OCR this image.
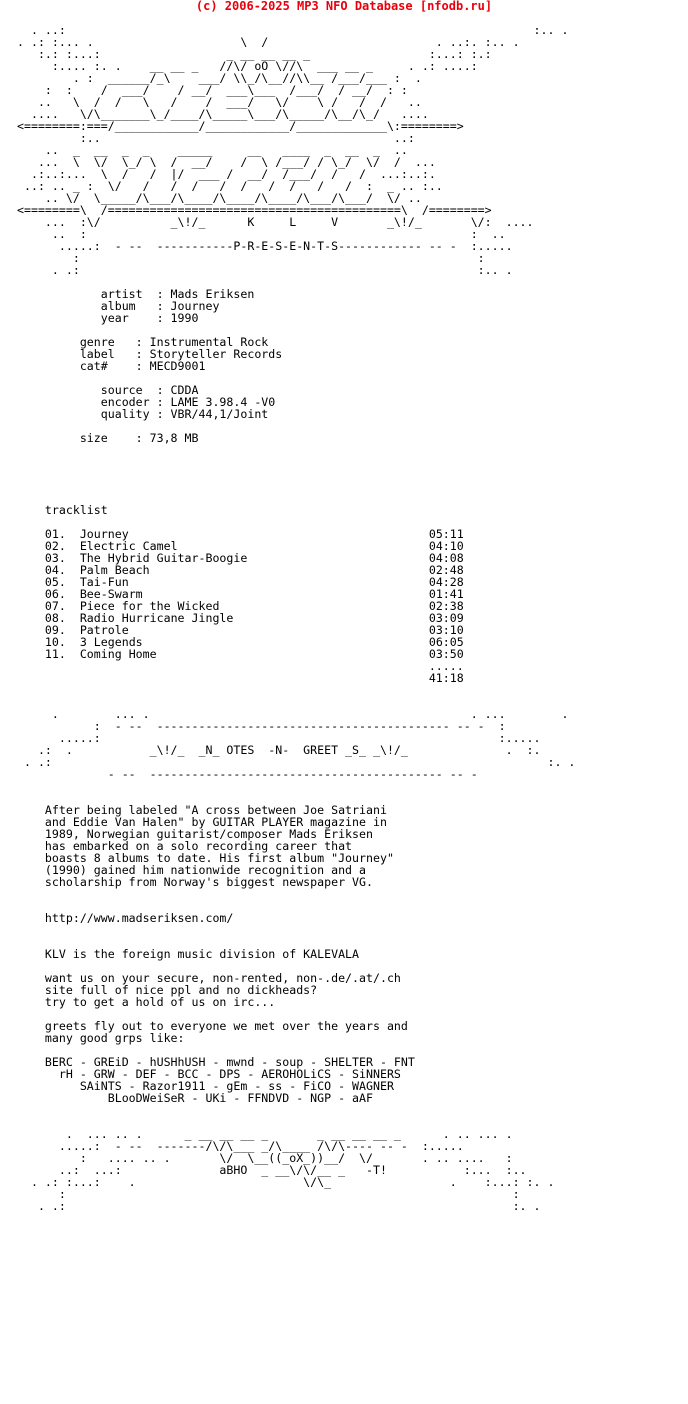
(c) 2006-2025 MP3 NFO Database [nfodb.ru]
. ..:                                                                   :.. .
. .: :... .                     \  /                        . ..:. :.. .
:.: :...:                  _ __ __ __ _                 :...: :.:
:.... :. .    __ __ _   //\/ oO \//\  ___ __ _     . .: ....:
. :  ______/_\    ___/ \\_/\__//\\__ /___/___ :  .
:  :    /  ___/    / __/  ___\___  /___/  / __/  : :
..   \  /  /   \   /    /  ___/   \/    \ /   /  /   ..
....   \/\_______\_/____/\_____\___/\_____/\__/\_/   ....
<========:===/____________/____________/_____________\:========>
:..                                          ..:
..  _  __  _  _    _____     __   ____  _  __  _  ..
...  \  \/  \_/ \  /  __/    /  \ /___/ / \_/  \/  /  ...
.:..:...  \  /   /  |/  ___ /  __/  /___/  /   /  ...:..:.
..: .. _ :  \/   /   /  /   /  /   /  /   /   /  :  _ .. :..
.. \/  \_____/\___/\____/\____/\____/\___/\___/  \/ ..
<========\  /==========================================\  /========>
...  :\/          _\!/_      K     L     V       _\!/_       \/:  ....
..  :                                                       :  ..
.....:  - --  -----------P-R-E-S-E-N-T-S------------ -- -  :.....
:                                                         :
. .:                                                         :.. .

artist  : Mads Eriksen
album   : Journey
year    : 1990

genre   : Instrumental Rock
label   : Storyteller Records
cat#    : MECD9001

source  : CDDA
encoder : LAME 3.98.4 -V0
quality : VBR/44,1/Joint

size    : 73,8 MB

tracklist

01.  Journey                                           05:11
02.  Electric Camel                                    04:10
03.  The Hybrid Guitar-Boogie                          04:08
04.  Palm Beach                                        02:48
05.  Tai-Fun                                           04:28
06.  Bee-Swarm                                         01:41
07.  Piece for the Wicked                              02:38
08.  Radio Hurricane Jingle                            03:09
09.  Patrole                                           03:10
10.  3 Legends                                         06:05
11.  Coming Home                                       03:50
.....
41:18

.        ... .                                              . ...        .
:  - --  ------------------------------------------ -- -  :
.....:                                                         :.....
.:  .           _\!/_  _N_ OTES  -N-  GREET _S_ _\!/_              .  :.
. .:                                                                       :. .
- --  ------------------------------------------ -- -

After being labeled "A cross between Joe Satriani
and Eddie Van Halen" by GUITAR PLAYER magazine in
1989, Norwegian guitarist/composer Mads Eriksen
has embarked on a solo recording career that
boasts 8 albums to date. His first album "Journey"
(1990) gained him nationwide recognition and a
scholarship from Norway's biggest newspaper VG.

http://www.madseriksen.com/

KLV is the foreign music division of KALEVALA

want us on your secure, non-rented, non-.de/.at/.ch
site full of nice ppl and no dickheads?
try to get a hold of us on irc...

greets fly out to everyone we met over the years and
many good grps like:

BERC - GREiD - hUSHhUSH - mwnd - soup - SHELTER - FNT
rH - GRW - DEF - BCC - DPS - AEROHOLiCS - SiNNERS
SAiNTS - Razor1911 - gEm - ss - FiCO - WAGNER
BLooDWeiSeR - UKi - FFNDVD - NGP - aAF

.  ... .. .      _ __ __ __ _       _ __ __ __ _      . .. ... .
.....:  - --  -------/\/\___ _/\____ /\/\---- -- -  :.....
:   .... .. .       \/  \__((_oX_))__/  \/       . .. ....   :
..:  ...:              aBHO  _ __\/\/__ _   -T!           :...  :..
. .: :...:    .                        \/\_                 .    :...: :. .
:                                                                :
. .:                                                                :. .
